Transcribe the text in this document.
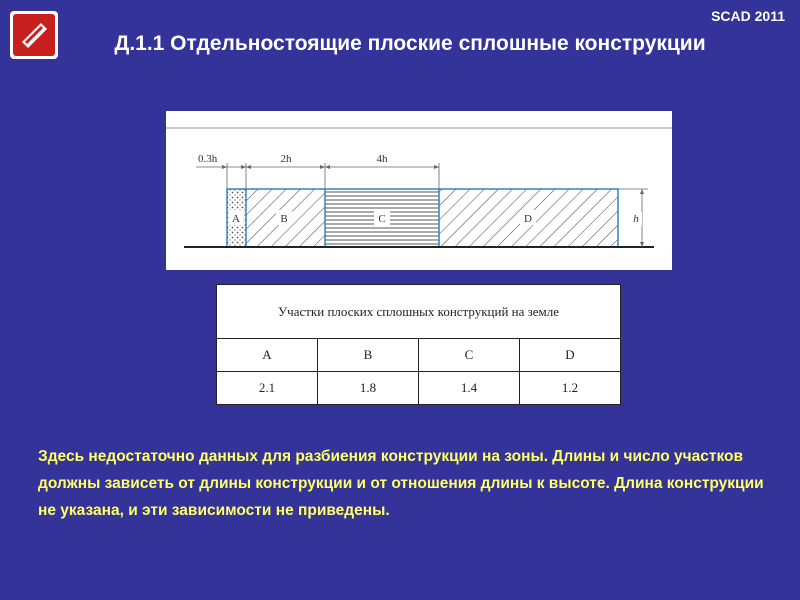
SCAD 2011
Д.1.1 Отдельностоящие плоские сплошные конструкции
A	B	C	D
0.3h	2h	4h
h
Участки плоских сплошных конструкций на земле			
A	B	C	D
2.1	1.8	1.4	1.2
Здесь недостаточно данных для разбиения конструкции на зоны. Длины и число участков должны зависеть от длины конструкции и от отношения длины к высоте. Длина конструкции не указана, и эти зависимости не приведены.
